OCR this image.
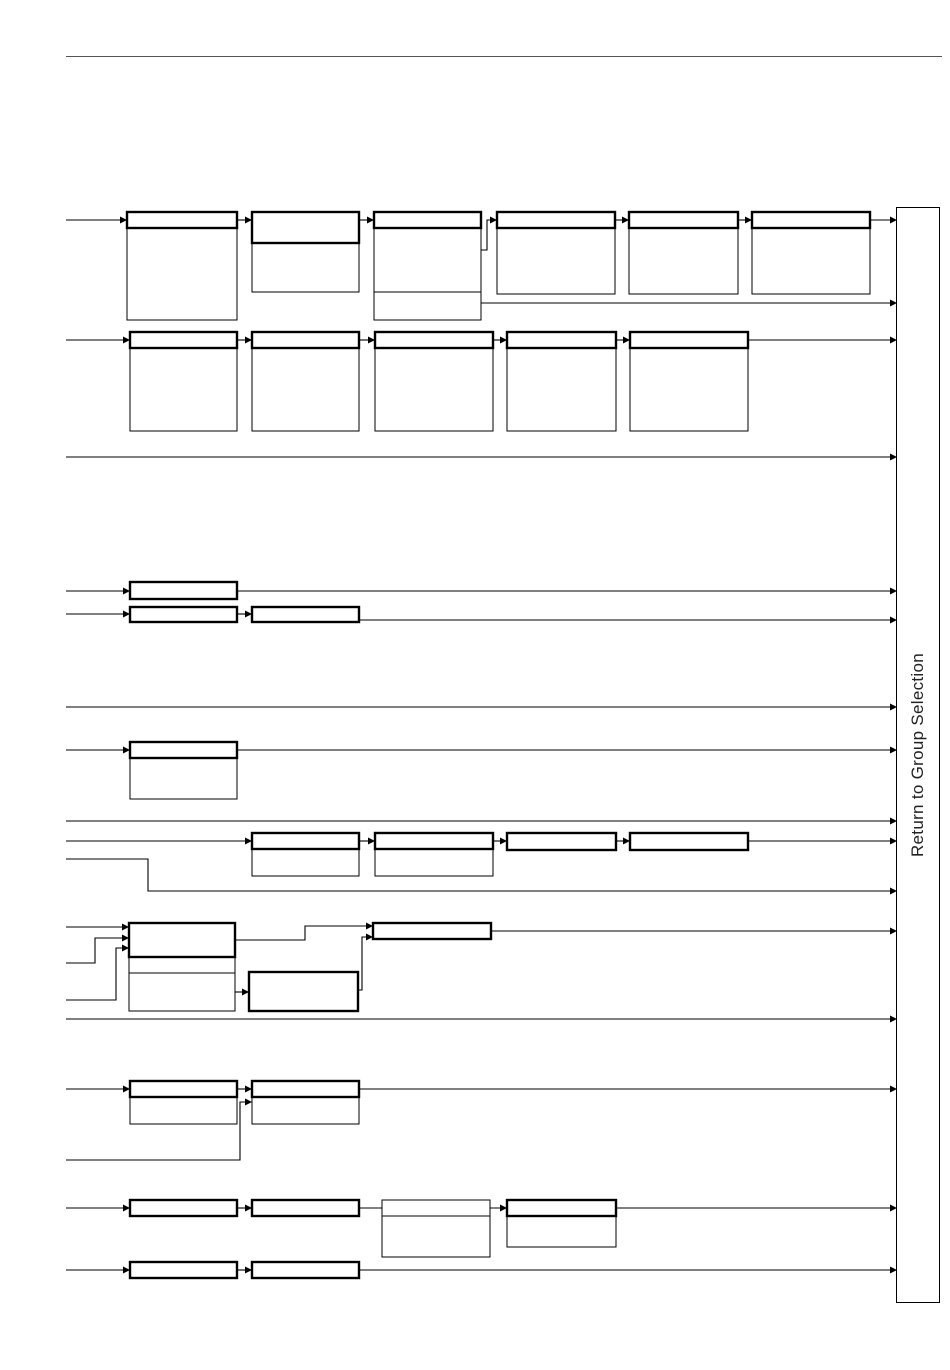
Return to Group Selection
